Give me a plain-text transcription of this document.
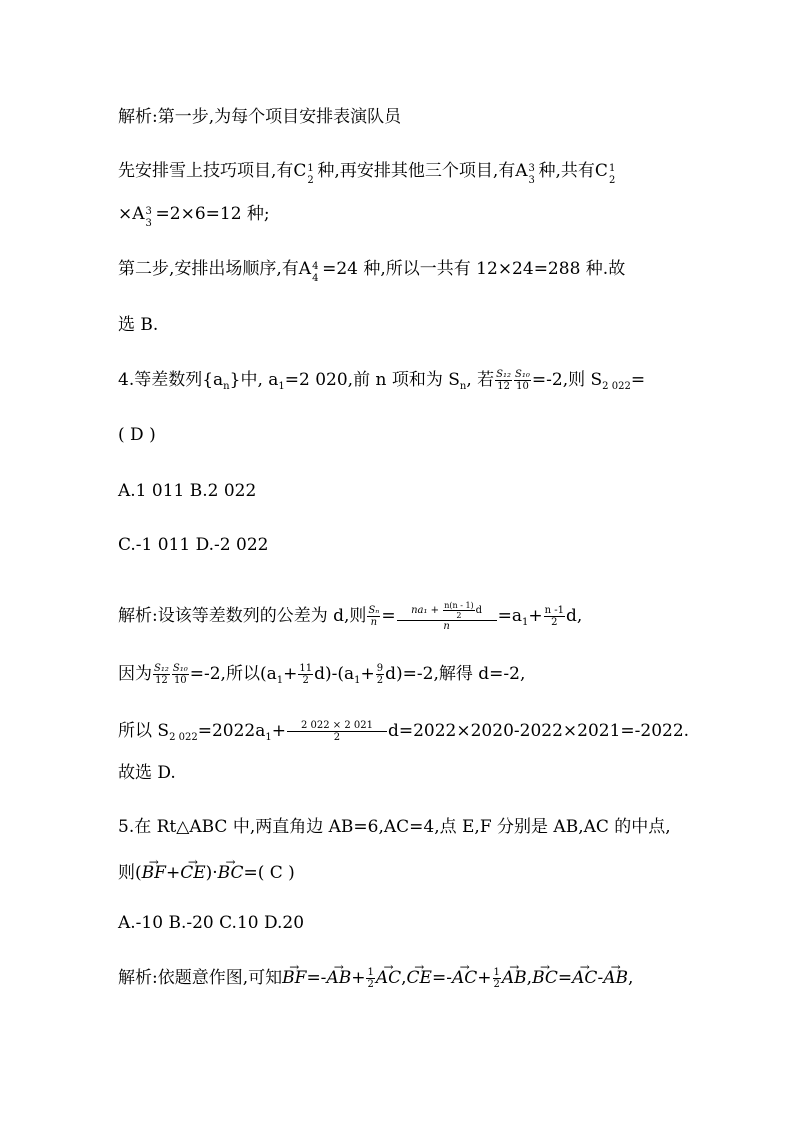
解析:第一步,为每个项目安排表演队员
先安排雪上技巧项目,有C 1
2 种,再安排其他三个项目,有A 3
3 种,共有C 1
2
×A 3
3 =2×6=12 种;
第二步,安排出场顺序,有A 4
4 =24 种,所以一共有 12×24=288 种.故
选 B.
4.等差数列$\{a_n\}$中, $a_1=2$ 020,前 n 项和为 $S_n$, 若 $\frac{\text{S₁₂}}{12} \frac{\text{S₁₀}}{10} =-2$,则 $S_{2 022}=$
( D )
A.1 011 B.2 022
C.-1 011 D.-2 022
解析:设该等差数列的公差为 d,则 $\frac{\text{Sₙ}}{n} = \frac{na_1 + \frac{n(n - 1)}{2} d}{n} =a_1+ \frac{n -1}{2} d$,
因为 $\frac{\text{S₁₂}}{12} \frac{\text{S₁₀}}{10} =-2$,所以$(a_1+ \frac{11}{2} d)-(a_1+ \frac{9}{2} d)=-2$,解得 d=-2,
所以 $S_{2 022}=2022a_1+ \frac{2 022 \times 2 021}{2} d=2022\times 2020-2022\times 2021=-2022$.
故选 D.
5.在 Rt△ABC 中,两直角边 AB=6,AC=4,点 E,F 分别是 AB,AC 的中点,
则(→ BF+→ CE)·→ BC=( C )
A.-10 B.-20 C.10 D.20
解析:依题意作图,可知→ $BF=-\to AB+ \frac{1}{2}$
→ $AC,\to CE=-\to AC+ \frac{1}{2}$
→ AB,→ BC=→ AC-→ AB,
